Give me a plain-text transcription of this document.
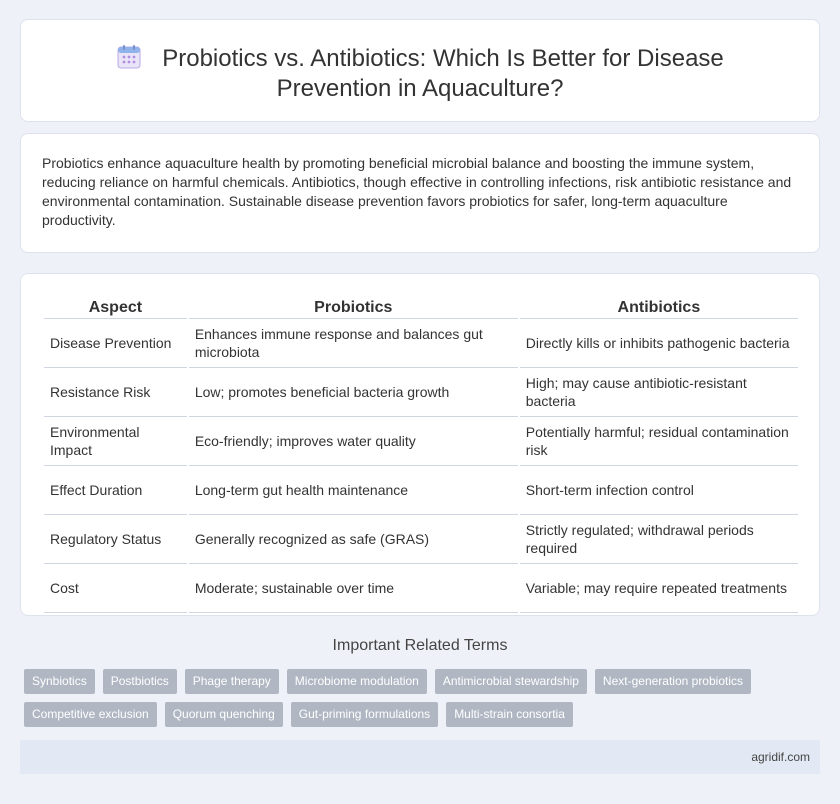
Probiotics vs. Antibiotics: Which Is Better for Disease Prevention in Aquaculture?

Probiotics enhance aquaculture health by promoting beneficial microbial balance and boosting the immune system, reducing reliance on harmful chemicals. Antibiotics, though effective in controlling infections, risk antibiotic resistance and environmental contamination. Sustainable disease prevention favors probiotics for safer, long-term aquaculture productivity.

Aspect	Probiotics	Antibiotics
Disease Prevention	Enhances immune response and balances gut microbiota	Directly kills or inhibits pathogenic bacteria
Resistance Risk	Low; promotes beneficial bacteria growth	High; may cause antibiotic-resistant bacteria
Environmental Impact	Eco-friendly; improves water quality	Potentially harmful; residual contamination risk
Effect Duration	Long-term gut health maintenance	Short-term infection control
Regulatory Status	Generally recognized as safe (GRAS)	Strictly regulated; withdrawal periods required
Cost	Moderate; sustainable over time	Variable; may require repeated treatments
Important Related Terms
Synbiotics	Postbiotics	Phage therapy	Microbiome modulation	Antimicrobial stewardship	Next-generation probiotics
Competitive exclusion	Quorum quenching	Gut-priming formulations	Multi-strain consortia
agridif.com
